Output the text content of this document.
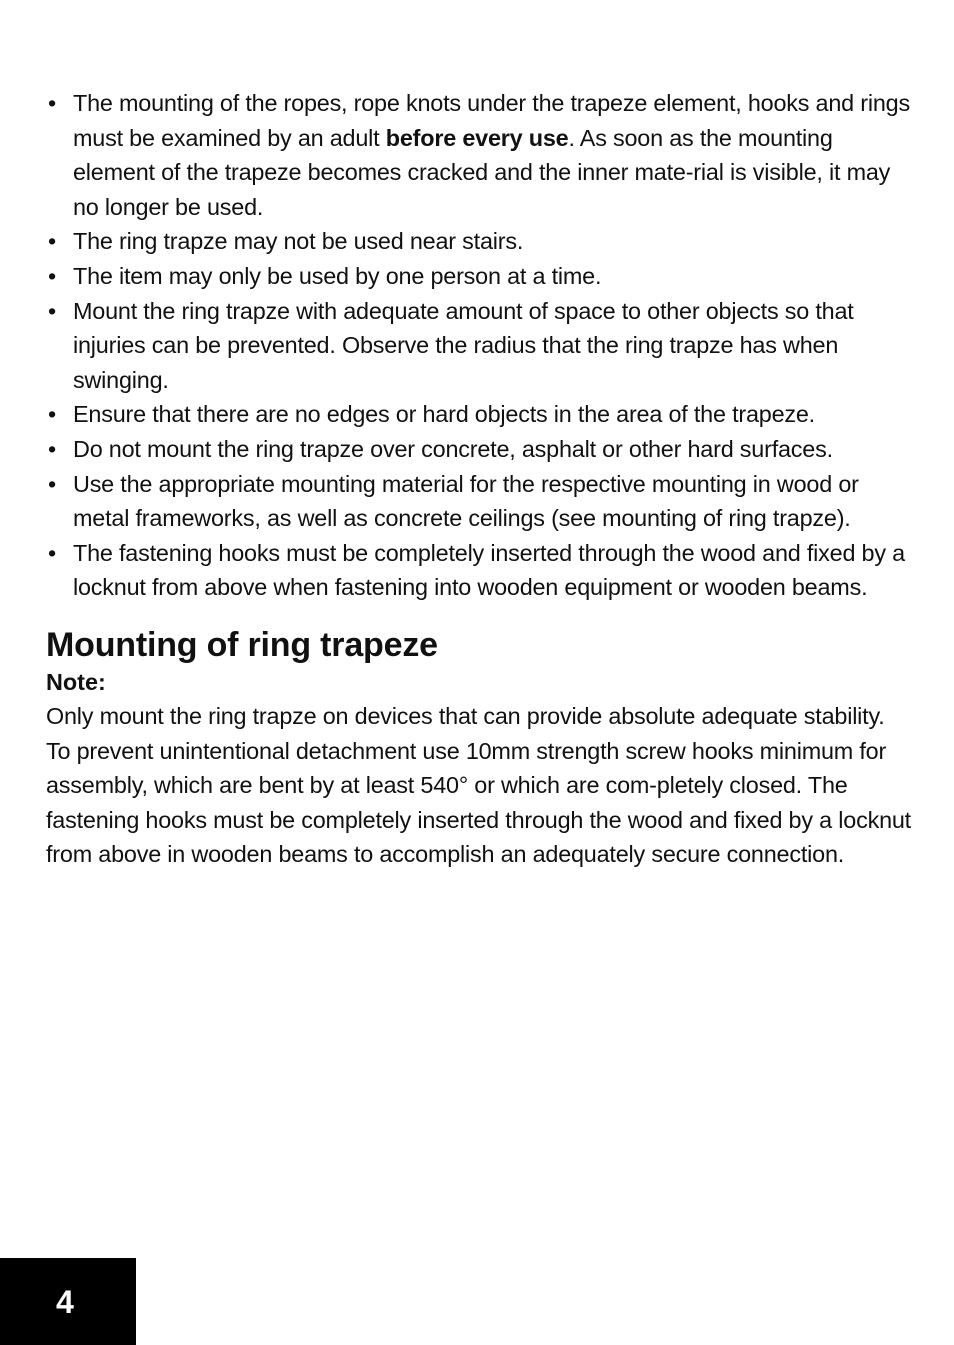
• The mounting of the ropes, rope knots under the trapeze element, hooks and rings must be examined by an adult before every use. As soon as the mounting element of the trapeze becomes cracked and the inner mate-rial is visible, it may no longer be used.
• The ring trapze may not be used near stairs.
• The item may only be used by one person at a time.
• Mount the ring trapze with adequate amount of space to other objects so that injuries can be prevented. Observe the radius that the ring trapze has when swinging.
• Ensure that there are no edges or hard objects in the area of the trapeze.
• Do not mount the ring trapze over concrete, asphalt or other hard surfaces.
• Use the appropriate mounting material for the respective mounting in wood or metal frameworks, as well as concrete ceilings (see mounting of ring trapze).
• The fastening hooks must be completely inserted through the wood and fixed by a locknut from above when fastening into wooden equipment or wooden beams.
Mounting of ring trapeze

Note:

Only mount the ring trapze on devices that can provide absolute adequate stability. To prevent unintentional detachment use 10mm strength screw hooks minimum for assembly, which are bent by at least 540° or which are com-pletely closed. The fastening hooks must be completely inserted through the wood and fixed by a locknut from above in wooden beams to accomplish an adequately secure connection.

4
